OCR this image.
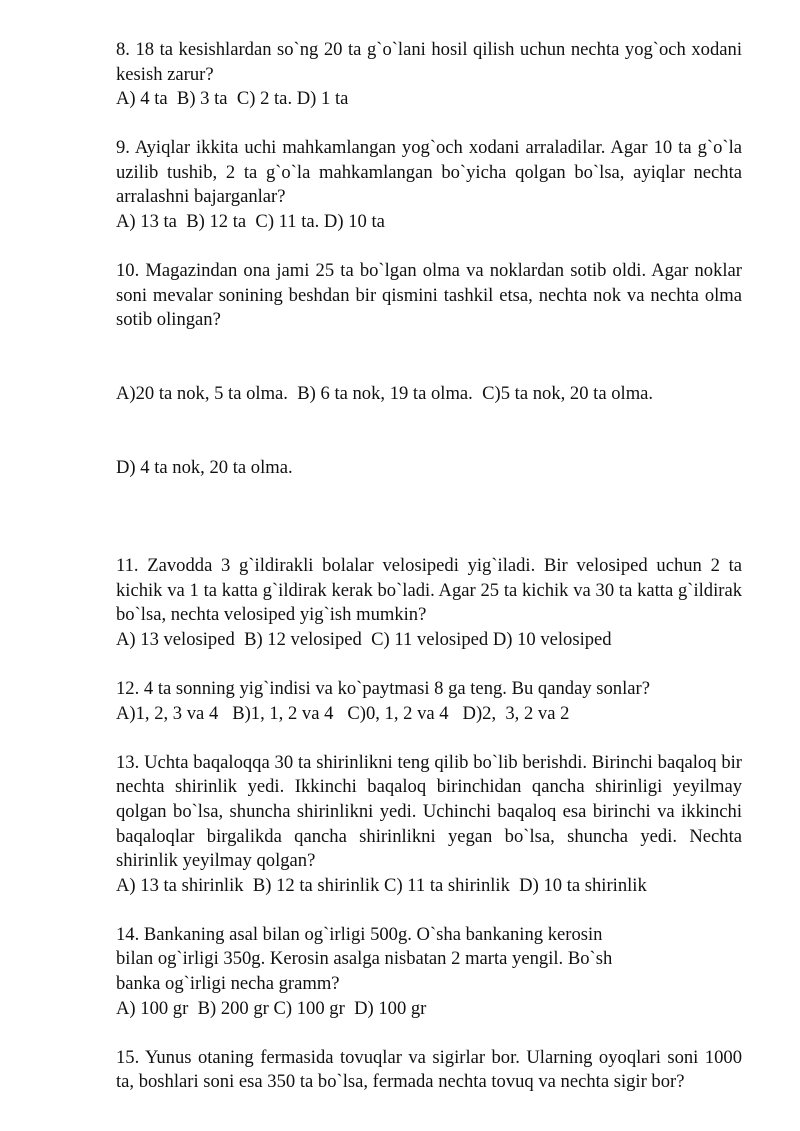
8. 18 ta kesishlardan so`ng 20 ta g`o`lani hosil qilish uchun nechta yog`och xodani kesish zarur?

A) 4 ta  B) 3 ta  C) 2 ta. D) 1 ta

9. Ayiqlar ikkita uchi mahkamlangan yog`och xodani arraladilar. Agar 10 ta g`o`la uzilib tushib, 2 ta g`o`la mahkamlangan bo`yicha qolgan bo`lsa, ayiqlar nechta arralashni bajarganlar?

A) 13 ta  B) 12 ta  C) 11 ta. D) 10 ta

10. Magazindan ona jami 25 ta bo`lgan olma va noklardan sotib oldi. Agar noklar soni mevalar sonining beshdan bir qismini tashkil etsa, nechta nok va nechta olma sotib olingan?

A)20 ta nok, 5 ta olma.  B) 6 ta nok, 19 ta olma.  C)5 ta nok, 20 ta olma.

D) 4 ta nok, 20 ta olma.

11. Zavodda 3 g`ildirakli bolalar velosipedi yig`iladi. Bir velosiped uchun 2 ta kichik va 1 ta katta g`ildirak kerak bo`ladi. Agar 25 ta kichik va 30 ta katta g`ildirak bo`lsa, nechta velosiped yig`ish mumkin?

A) 13 velosiped  B) 12 velosiped  C) 11 velosiped D) 10 velosiped

12. 4 ta sonning yig`indisi va ko`paytmasi 8 ga teng. Bu qanday sonlar?

A)1, 2, 3 va 4   B)1, 1, 2 va 4   C)0, 1, 2 va 4   D)2,  3, 2 va 2

13. Uchta baqaloqqa 30 ta shirinlikni teng qilib bo`lib berishdi. Birinchi baqaloq bir nechta shirinlik yedi. Ikkinchi baqaloq birinchidan qancha shirinligi yeyilmay qolgan bo`lsa, shuncha shirinlikni yedi. Uchinchi baqaloq esa birinchi va ikkinchi baqaloqlar birgalikda qancha shirinlikni yegan bo`lsa, shuncha yedi. Nechta shirinlik yeyilmay qolgan?

A) 13 ta shirinlik  B) 12 ta shirinlik C) 11 ta shirinlik  D) 10 ta shirinlik

14. Bankaning asal bilan og`irligi 500g. O`sha bankaning kerosin
bilan og`irligi 350g. Kerosin asalga nisbatan 2 marta yengil. Bo`sh
banka og`irligi necha gramm?

A) 100 gr  B) 200 gr C) 100 gr  D) 100 gr

15. Yunus otaning fermasida tovuqlar va sigirlar bor. Ularning oyoqlari soni 1000 ta, boshlari soni esa 350 ta bo`lsa, fermada nechta tovuq va nechta sigir bor?
